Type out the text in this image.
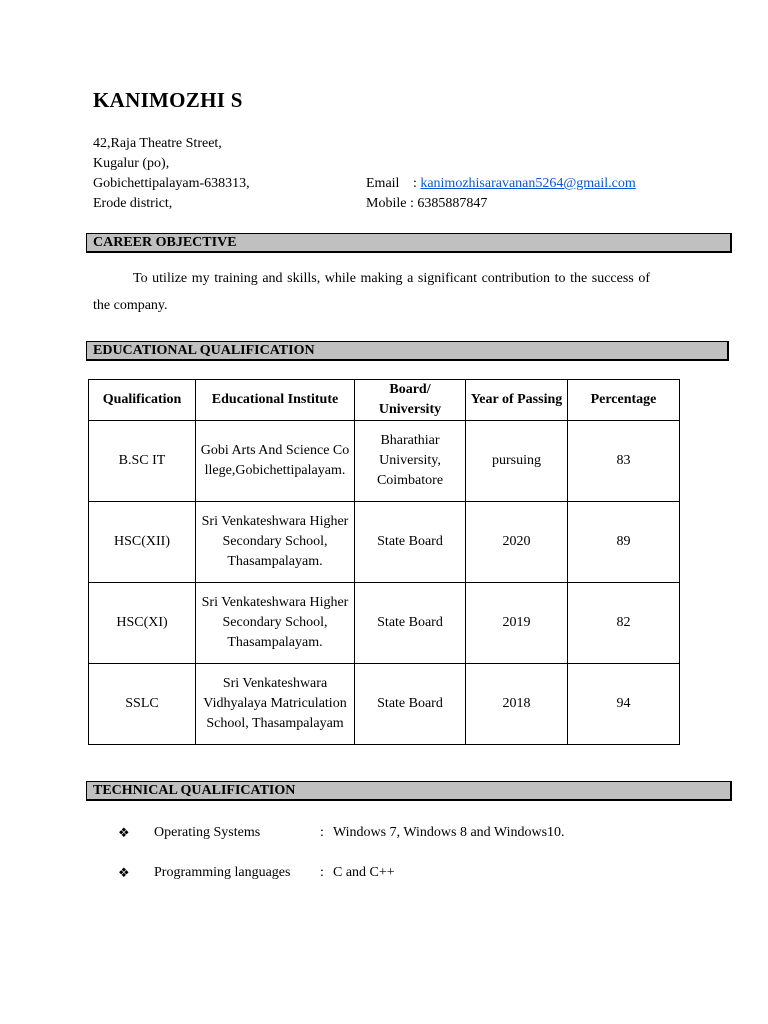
KANIMOZHI S
42,Raja Theatre Street,
Kugalur (po),
Gobichettipalayam-638313,
Erode district,
Email : kanimozhisaravanan5264@gmail.com
Mobile : 6385887847
CAREER OBJECTIVE
To utilize my training and skills, while making a significant contribution to the success of the company.
EDUCATIONAL QUALIFICATION
Qualification	Educational Institute	Board/ University	Year of Passing	Percentage
B.SC IT	Gobi Arts And Science College,Gobichettipalayam.	Bharathiar University, Coimbatore	pursuing	83
HSC(XII)	Sri Venkateshwara Higher Secondary School, Thasampalayam.	State Board	2020	89
HSC(XI)	Sri Venkateshwara Higher Secondary School, Thasampalayam.	State Board	2019	82
SSLC	Sri Venkateshwara Vidhyalaya Matriculation School, Thasampalayam	State Board	2018	94
TECHNICAL QUALIFICATION
❖ Operating Systems	: Windows 7, Windows 8 and Windows10.
❖ Programming languages : C and C++
